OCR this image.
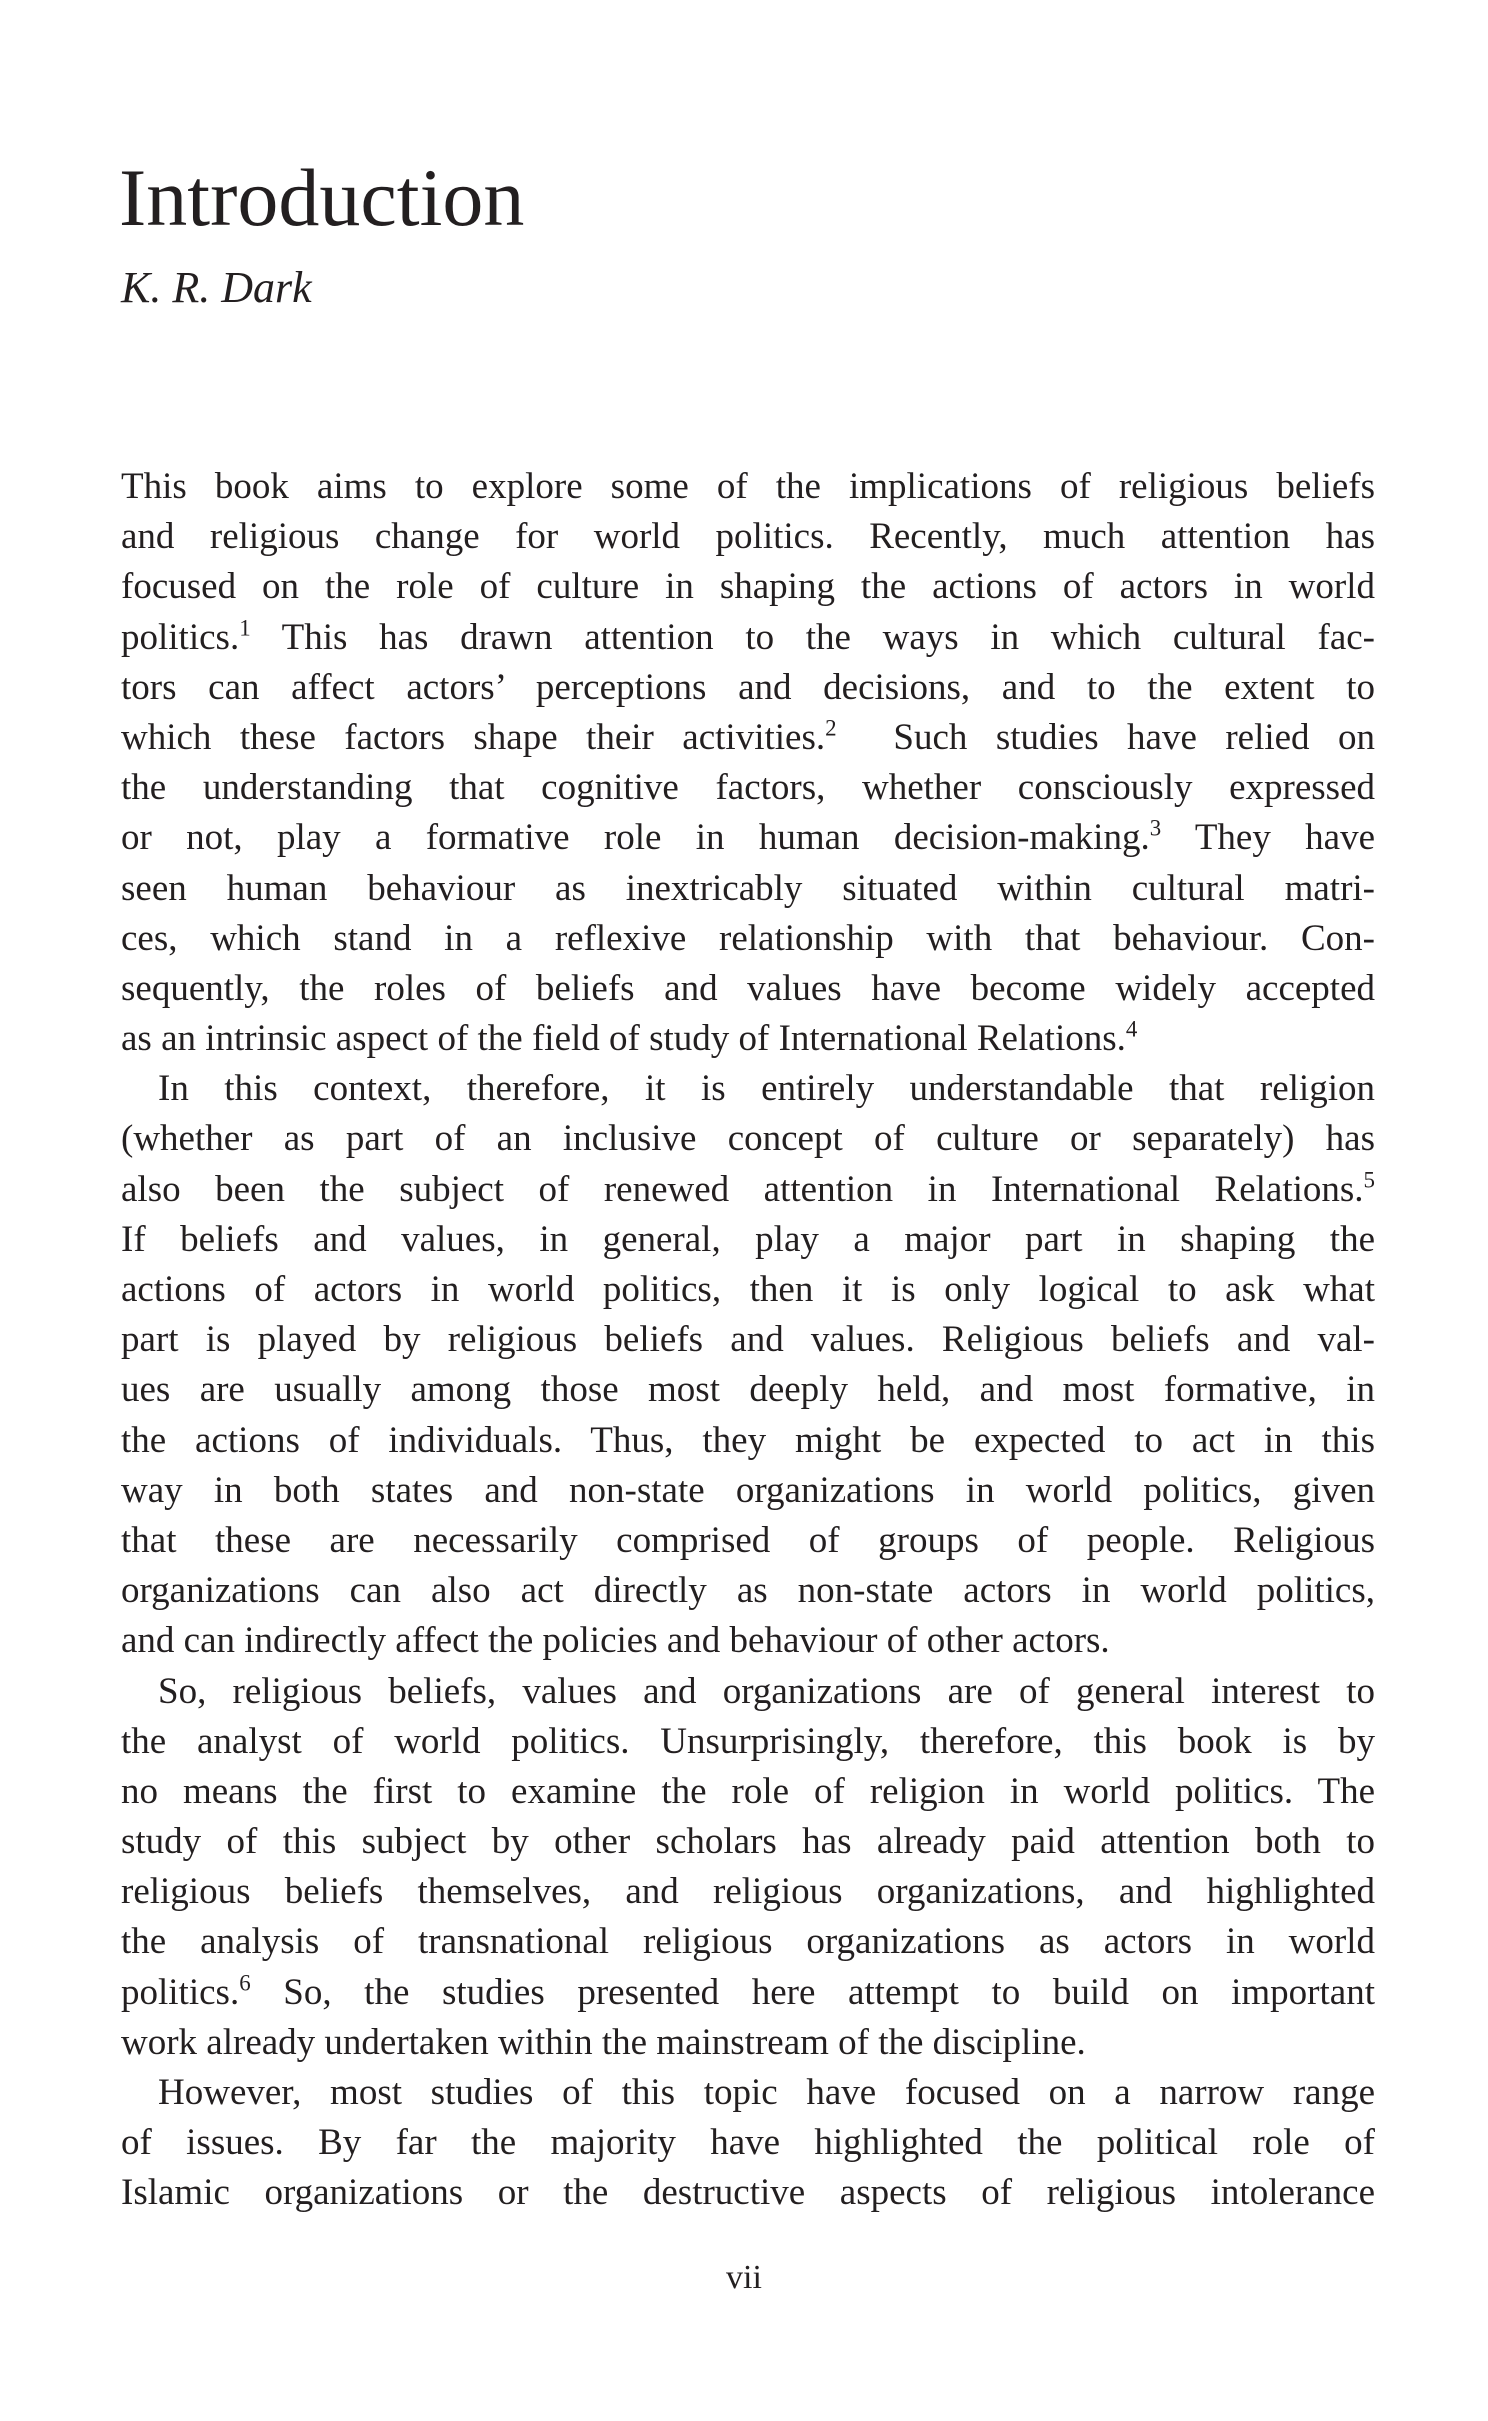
Introduction
K. R. Dark
This book aims to explore some of the implications of religious beliefs
and religious change for world politics. Recently, much attention has
focused on the role of culture in shaping the actions of actors in world
politics.$^1$ This has drawn attention to the ways in which cultural fac-
tors can affect actors’ perceptions and decisions, and to the extent to
which these factors shape their activities.$^2$  Such studies have relied on
the understanding that cognitive factors, whether consciously expressed
or not, play a formative role in human decision-making.$^3$ They have
seen human behaviour as inextricably situated within cultural matri-
ces, which stand in a reflexive relationship with that behaviour. Con-
sequently, the roles of beliefs and values have become widely accepted
as an intrinsic aspect of the field of study of International Relations.$^4$
In this context, therefore, it is entirely understandable that religion
(whether as part of an inclusive concept of culture or separately) has
also been the subject of renewed attention in International Relations.$^5$
If beliefs and values, in general, play a major part in shaping the
actions of actors in world politics, then it is only logical to ask what
part is played by religious beliefs and values. Religious beliefs and val-
ues are usually among those most deeply held, and most formative, in
the actions of individuals. Thus, they might be expected to act in this
way in both states and non-state organizations in world politics, given
that these are necessarily comprised of groups of people. Religious
organizations can also act directly as non-state actors in world politics,
and can indirectly affect the policies and behaviour of other actors.
So, religious beliefs, values and organizations are of general interest to
the analyst of world politics. Unsurprisingly, therefore, this book is by
no means the first to examine the role of religion in world politics. The
study of this subject by other scholars has already paid attention both to
religious beliefs themselves, and religious organizations, and highlighted
the analysis of transnational religious organizations as actors in world
politics.$^6$ So, the studies presented here attempt to build on important
work already undertaken within the mainstream of the discipline.
However, most studies of this topic have focused on a narrow range
of issues. By far the majority have highlighted the political role of
Islamic organizations or the destructive aspects of religious intolerance
vii
